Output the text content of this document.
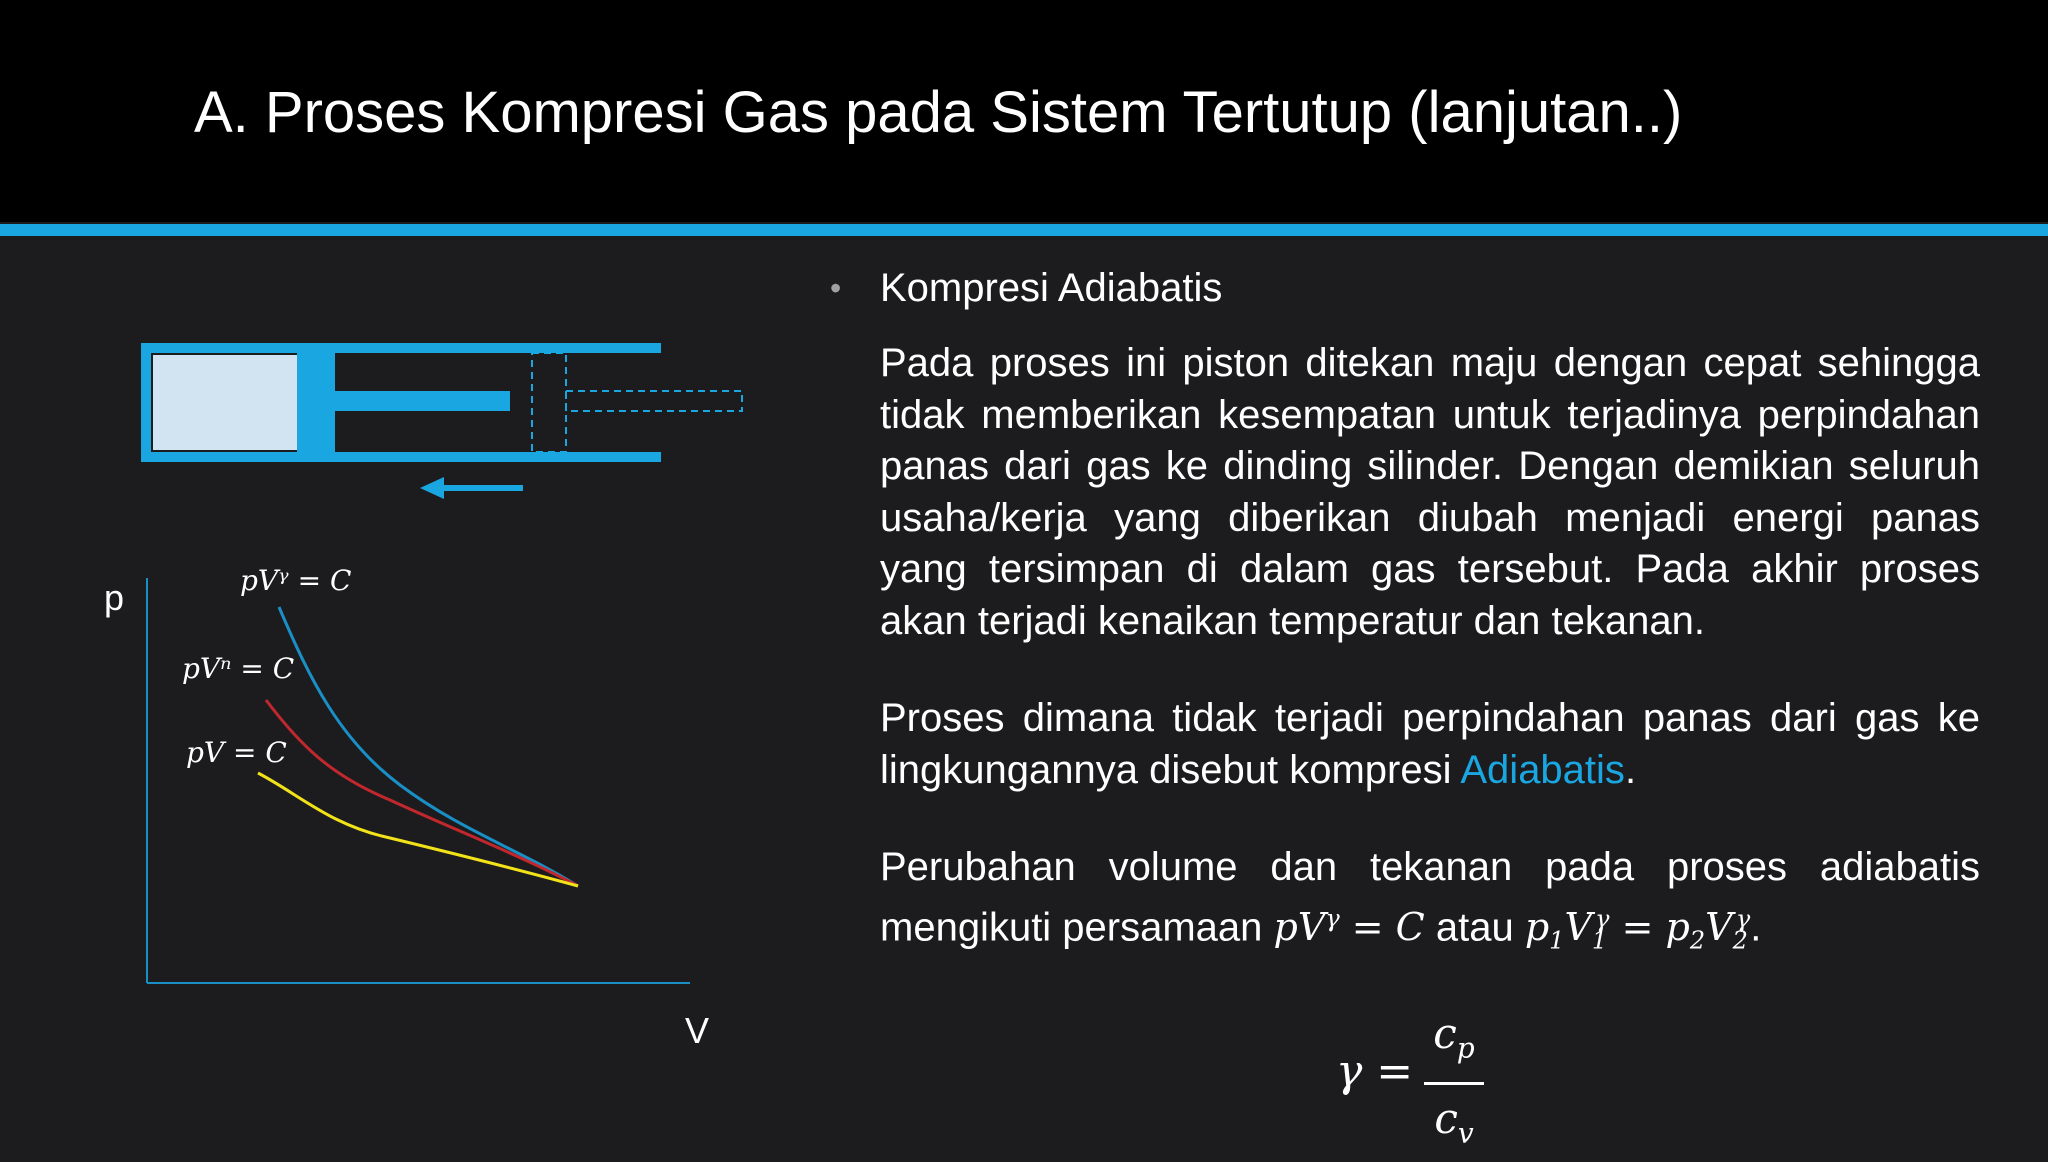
A. Proses Kompresi Gas pada Sistem Tertutup (lanjutan..)
p
V
pVᵞ = C
pVⁿ = C
pV = C
• Kompresi Adiabatis
Pada proses ini piston ditekan maju dengan cepat sehingga tidak memberikan kesempatan untuk terjadinya perpindahan panas dari gas ke dinding silinder. Dengan demikian seluruh usaha/kerja yang diberikan diubah menjadi energi panas yang tersimpan di dalam gas tersebut. Pada akhir proses akan terjadi kenaikan temperatur dan tekanan.
Proses dimana tidak terjadi perpindahan panas dari gas ke lingkungannya disebut kompresi Adiabatis.
Perubahan volume dan tekanan pada proses adiabatis mengikuti persamaan $pV^\gamma = C$ atau $p_1V_1^\gamma = p_2V_2^\gamma$.
γ =
$c_p$
$c_v$
